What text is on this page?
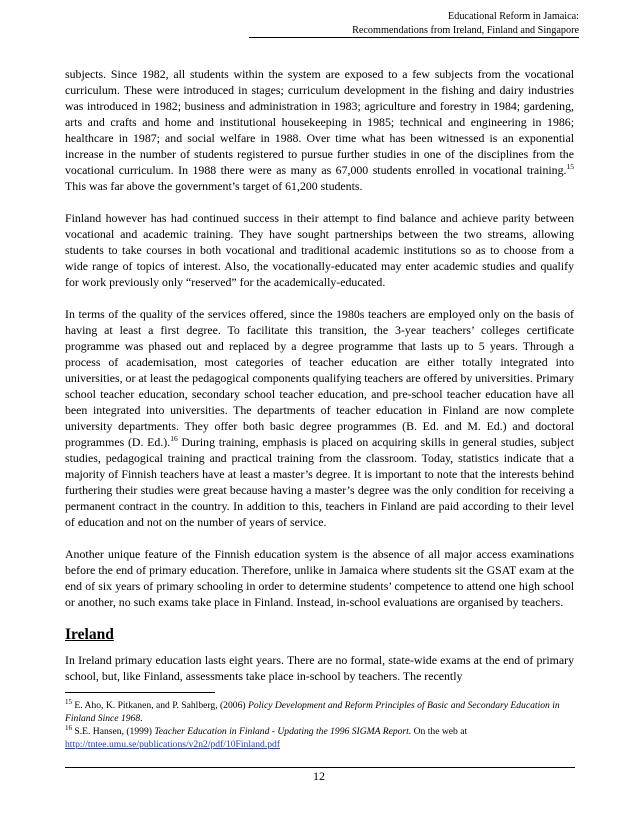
Educational Reform in Jamaica:
Recommendations from Ireland, Finland and Singapore

subjects. Since 1982, all students within the system are exposed to a few subjects from the vocational curriculum. These were introduced in stages; curriculum development in the fishing and dairy industries was introduced in 1982; business and administration in 1983; agriculture and forestry in 1984; gardening, arts and crafts and home and institutional housekeeping in 1985; technical and engineering in 1986; healthcare in 1987; and social welfare in 1988. Over time what has been witnessed is an exponential increase in the number of students registered to pursue further studies in one of the disciplines from the vocational curriculum. In 1988 there were as many as 67,000 students enrolled in vocational training.$^{15}$ This was far above the government’s target of 61,200 students.

Finland however has had continued success in their attempt to find balance and achieve parity between vocational and academic training. They have sought partnerships between the two streams, allowing students to take courses in both vocational and traditional academic institutions so as to choose from a wide range of topics of interest. Also, the vocationally-educated may enter academic studies and qualify for work previously only “reserved” for the academically-educated.

In terms of the quality of the services offered, since the 1980s teachers are employed only on the basis of having at least a first degree. To facilitate this transition, the 3-year teachers’ colleges certificate programme was phased out and replaced by a degree programme that lasts up to 5 years. Through a process of academisation, most categories of teacher education are either totally integrated into universities, or at least the pedagogical components qualifying teachers are offered by universities. Primary school teacher education, secondary school teacher education, and pre-school teacher education have all been integrated into universities. The departments of teacher education in Finland are now complete university departments. They offer both basic degree programmes (B. Ed. and M. Ed.) and doctoral programmes (D. Ed.).$^{16}$ During training, emphasis is placed on acquiring skills in general studies, subject studies, pedagogical training and practical training from the classroom. Today, statistics indicate that a majority of Finnish teachers have at least a master’s degree. It is important to note that the interests behind furthering their studies were great because having a master’s degree was the only condition for receiving a permanent contract in the country. In addition to this, teachers in Finland are paid according to their level of education and not on the number of years of service.

Another unique feature of the Finnish education system is the absence of all major access examinations before the end of primary education. Therefore, unlike in Jamaica where students sit the GSAT exam at the end of six years of primary schooling in order to determine students’ competence to attend one high school or another, no such exams take place in Finland. Instead, in-school evaluations are organised by teachers.

Ireland

In Ireland primary education lasts eight years. There are no formal, state-wide exams at the end of primary school, but, like Finland, assessments take place in-school by teachers. The recently

$^{15}$ E. Aho, K. Pitkanen, and P. Sahlberg, (2006) Policy Development and Reform Principles of Basic and Secondary Education in Finland Since 1968.

$^{16}$ S.E. Hansen, (1999) Teacher Education in Finland - Updating the 1996 SIGMA Report. On the web at

http://tntee.umu.se/publications/v2n2/pdf/10Finland.pdf

12
